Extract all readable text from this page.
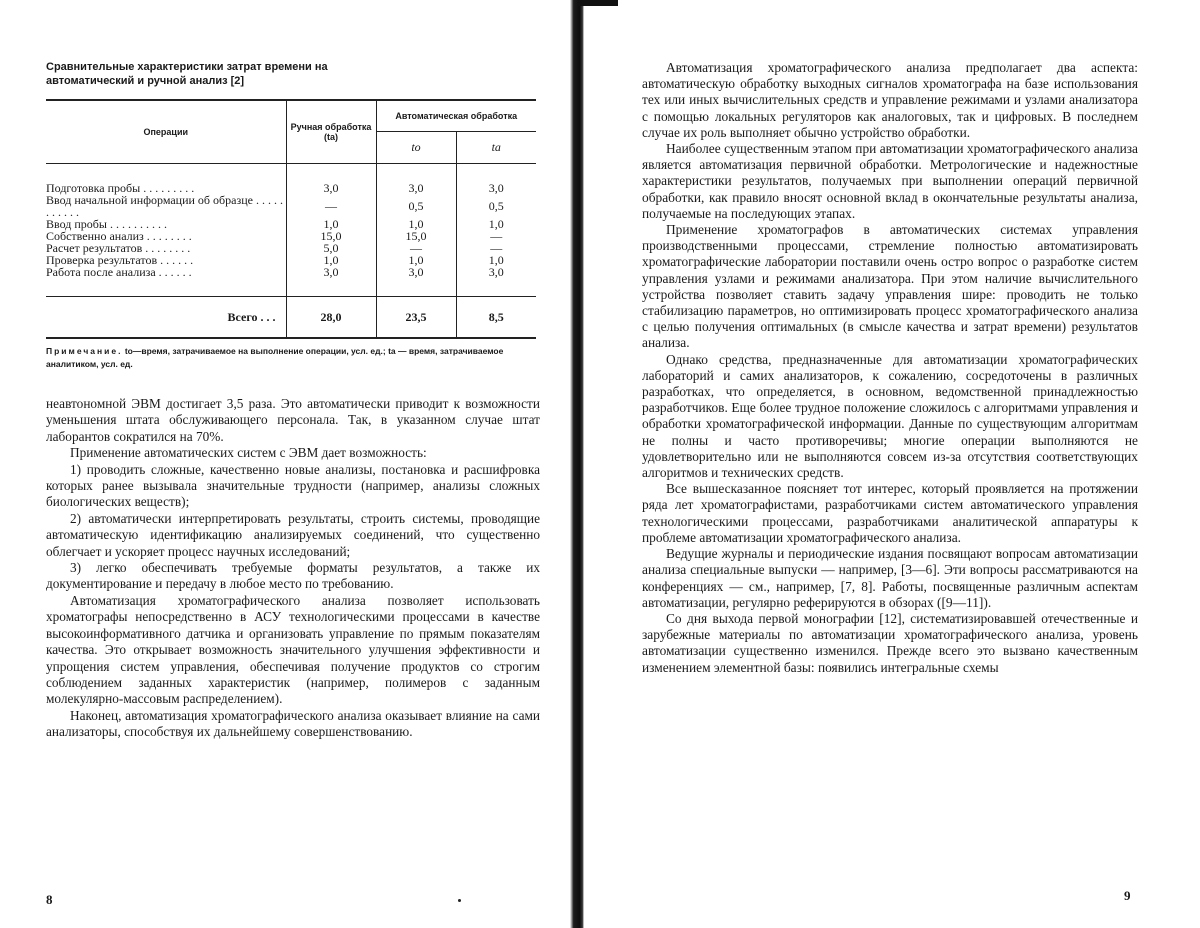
Сравнительные характеристики затрат времени на автоматический и ручной анализ [2]
Операции	Ручная обработка (tа)	Автоматическая обработка	
		tо	tа

Подготовка пробы . . . . . . . . .	3,0	3,0	3,0
Ввод начальной информации об образце . . . . . . . . . . .	—	0,5	0,5
Ввод пробы . . . . . . . . . .	1,0	1,0	1,0
Собственно анализ . . . . . . . .	15,0	15,0	—
Расчет результатов . . . . . . . .	5,0	—	—
Проверка результатов . . . . . .	1,0	1,0	1,0
Работа после анализа . . . . . .	3,0	3,0	3,0

Всего . . .	28,0	23,5	8,5
Примечание. tо—время, затрачиваемое на выполнение операции, усл. ед.; tа — время, затрачиваемое аналитиком, усл. ед.

неавтономной ЭВМ достигает 3,5 раза. Это автоматически приводит к возможности уменьшения штата обслуживающего персонала. Так, в указанном случае штат лаборантов сократился на 70%.

Применение автоматических систем с ЭВМ дает возможность:

1) проводить сложные, качественно новые анализы, постановка и расшифровка которых ранее вызывала значительные трудности (например, анализы сложных биологических веществ);

2) автоматически интерпретировать результаты, строить системы, проводящие автоматическую идентификацию анализируемых соединений, что существенно облегчает и ускоряет процесс научных исследований;

3) легко обеспечивать требуемые форматы результатов, а также их документирование и передачу в любое место по требованию.

Автоматизация хроматографического анализа позволяет использовать хроматографы непосредственно в АСУ технологическими процессами в качестве высокоинформативного датчика и организовать управление по прямым показателям качества. Это открывает возможность значительного улучшения эффективности и упрощения систем управления, обеспечивая получение продуктов со строгим соблюдением заданных характеристик (например, полимеров с заданным молекулярно-массовым распределением).

Наконец, автоматизация хроматографического анализа оказывает влияние на сами анализаторы, способствуя их дальнейшему совершенствованию.

8	9

Автоматизация хроматографического анализа предполагает два аспекта: автоматическую обработку выходных сигналов хроматографа на базе использования тех или иных вычислительных средств и управление режимами и узлами анализатора с помощью локальных регуляторов как аналоговых, так и цифровых. В последнем случае их роль выполняет обычно устройство обработки.

Наиболее существенным этапом при автоматизации хроматографического анализа является автоматизация первичной обработки. Метрологические и надежностные характеристики результатов, получаемых при выполнении операций первичной обработки, как правило вносят основной вклад в окончательные результаты анализа, получаемые на последующих этапах.

Применение хроматографов в автоматических системах управления производственными процессами, стремление полностью автоматизировать хроматографические лаборатории поставили очень остро вопрос о разработке систем управления узлами и режимами анализатора. При этом наличие вычислительного устройства позволяет ставить задачу управления шире: проводить не только стабилизацию параметров, но оптимизировать процесс хроматографического анализа с целью получения оптимальных (в смысле качества и затрат времени) результатов анализа.

Однако средства, предназначенные для автоматизации хроматографических лабораторий и самих анализаторов, к сожалению, сосредоточены в различных разработках, что определяется, в основном, ведомственной принадлежностью разработчиков. Еще более трудное положение сложилось с алгоритмами управления и обработки хроматографической информации. Данные по существующим алгоритмам не полны и часто противоречивы; многие операции выполняются не удовлетворительно или не выполняются совсем из-за отсутствия соответствующих алгоритмов и технических средств.

Все вышесказанное поясняет тот интерес, который проявляется на протяжении ряда лет хроматографистами, разработчиками систем автоматического управления технологическими процессами, разработчиками аналитической аппаратуры к проблеме автоматизации хроматографического анализа.

Ведущие журналы и периодические издания посвящают вопросам автоматизации анализа специальные выпуски — например, [3—6]. Эти вопросы рассматриваются на конференциях — см., например, [7, 8]. Работы, посвященные различным аспектам автоматизации, регулярно реферируются в обзорах ([9—11]).

Со дня выхода первой монографии [12], систематизировавшей отечественные и зарубежные материалы по автоматизации хроматографического анализа, уровень автоматизации существенно изменился. Прежде всего это вызвано качественным изменением элементной базы: появились интегральные схемы
